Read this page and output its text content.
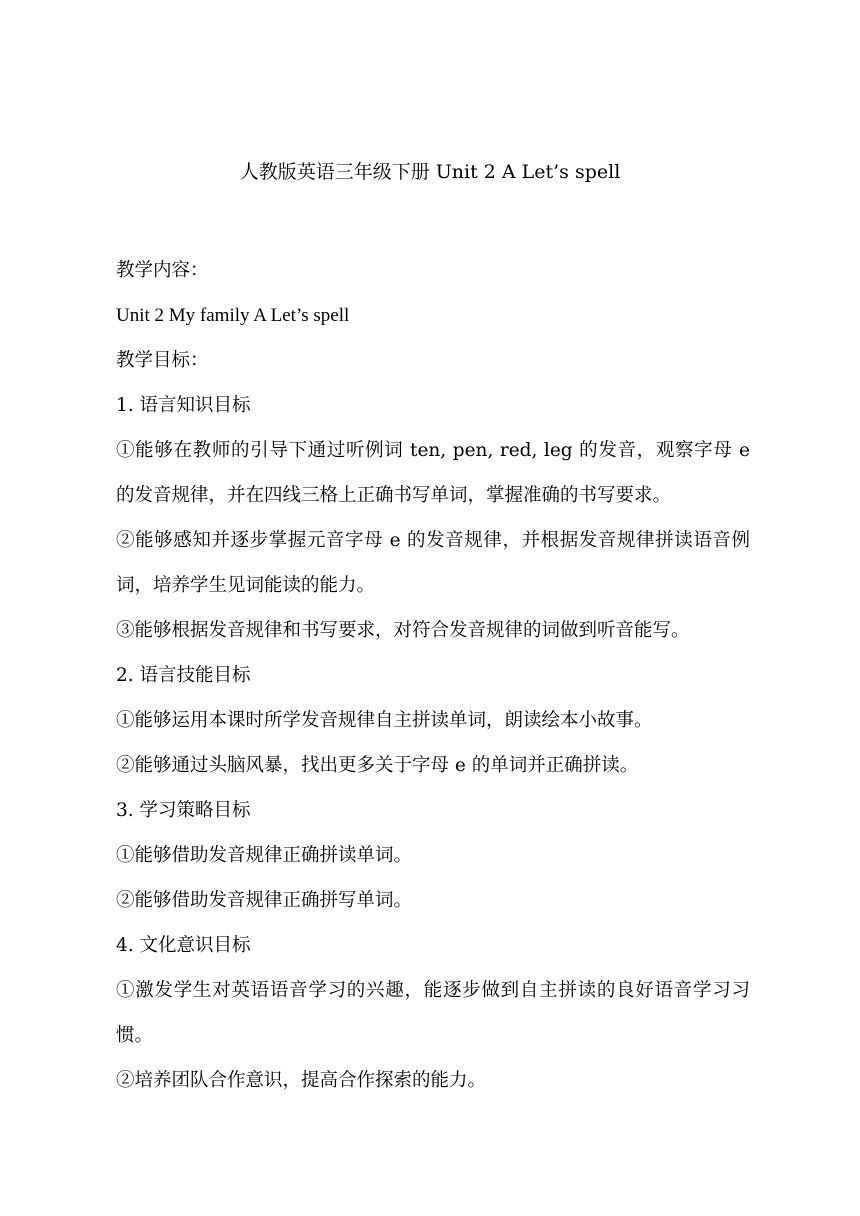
人教版英语三年级下册 Unit 2 A Let’s spell
教学内容：
Unit 2 My family A Let’s spell
教学目标：
1. 语言知识目标
①能够在教师的引导下通过听例词 ten, pen, red, leg 的发音，观察字母 e 的发音规律，并在四线三格上正确书写单词，掌握准确的书写要求。
②能够感知并逐步掌握元音字母 e 的发音规律，并根据发音规律拼读语音例词，培养学生见词能读的能力。
③能够根据发音规律和书写要求，对符合发音规律的词做到听音能写。
2. 语言技能目标
①能够运用本课时所学发音规律自主拼读单词，朗读绘本小故事。
②能够通过头脑风暴，找出更多关于字母 e 的单词并正确拼读。
3. 学习策略目标
①能够借助发音规律正确拼读单词。
②能够借助发音规律正确拼写单词。
4. 文化意识目标
①激发学生对英语语音学习的兴趣，能逐步做到自主拼读的良好语音学习习惯。
②培养团队合作意识，提高合作探索的能力。
